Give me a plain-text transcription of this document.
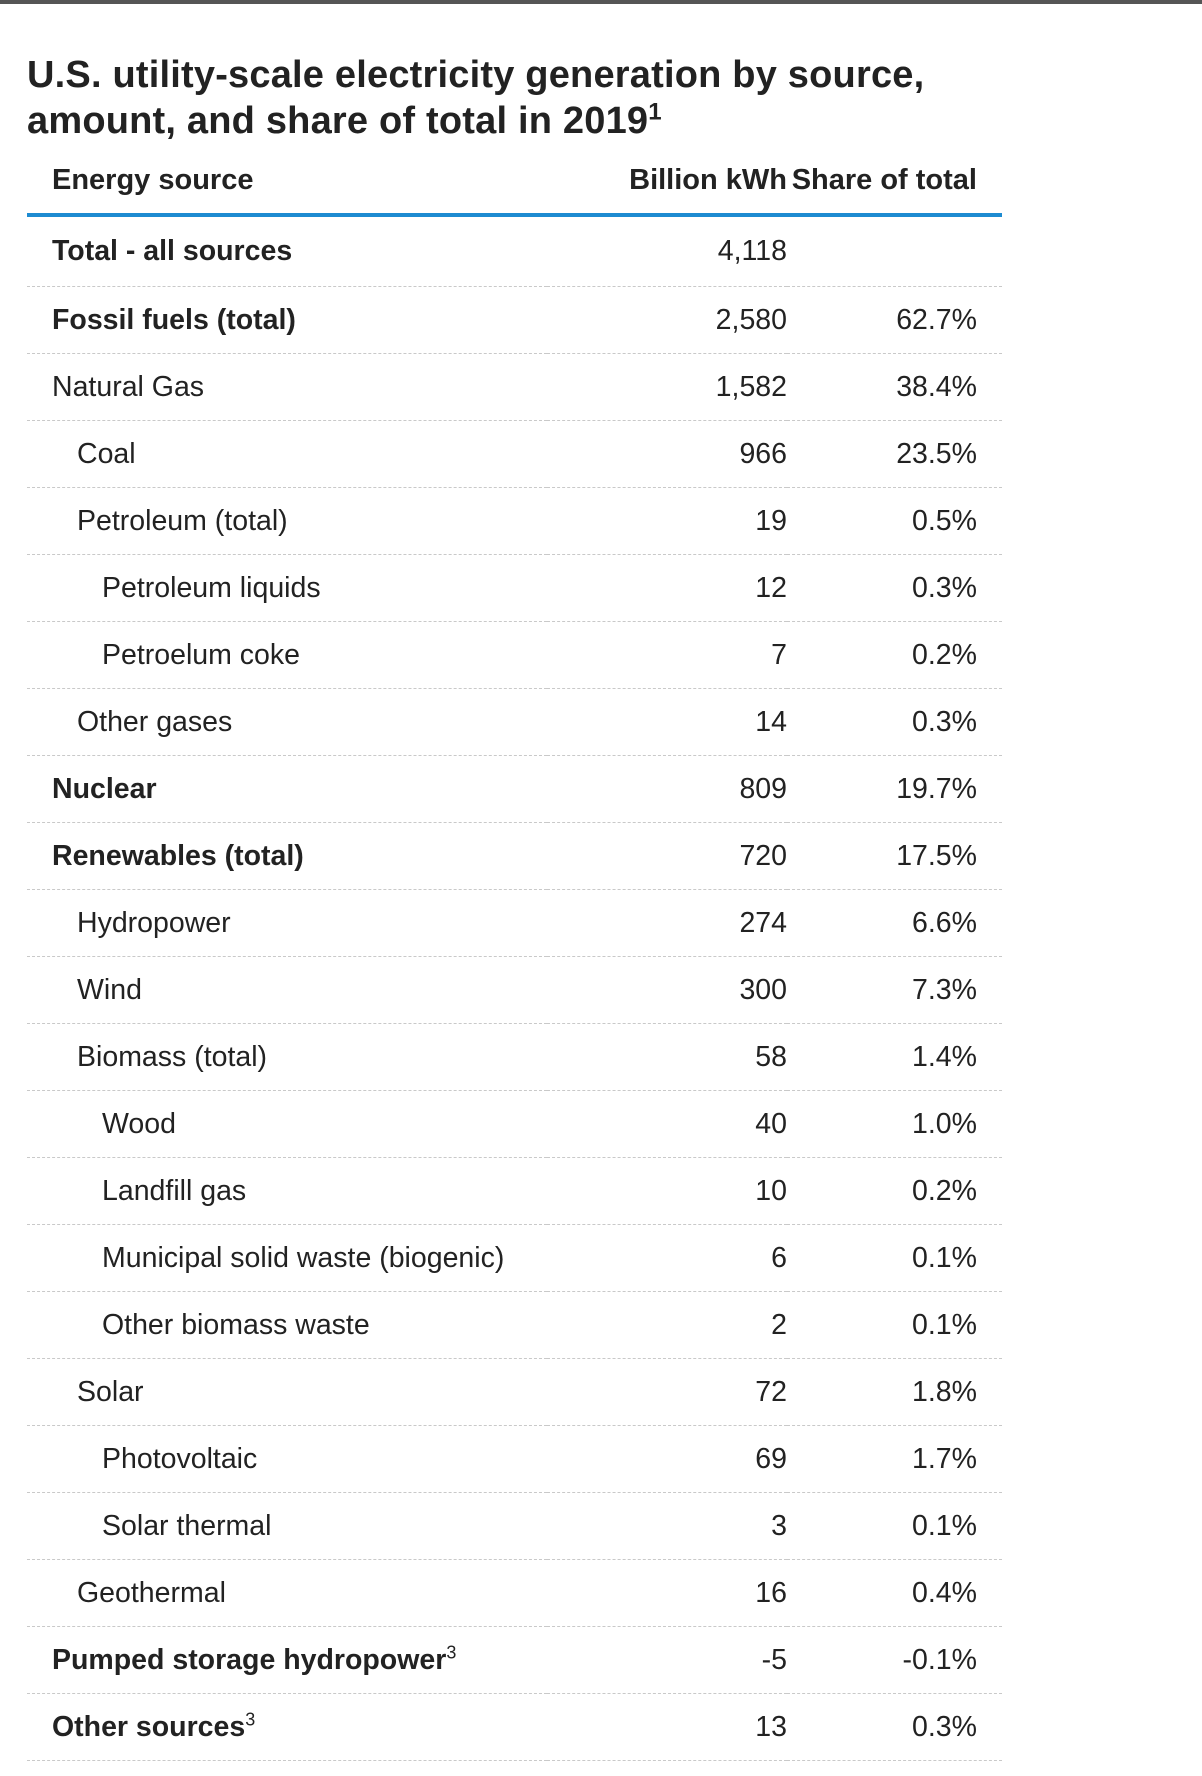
U.S. utility-scale electricity generation by source,
amount, and share of total in 2019$^1$
Energy source	Billion kWh	Share of total
Total - all sources	4,118	
Fossil fuels (total)	2,580	62.7%
Natural Gas	1,582	38.4%
Coal	966	23.5%
Petroleum (total)	19	0.5%
Petroleum liquids	12	0.3%
Petroelum coke	7	0.2%
Other gases	14	0.3%
Nuclear	809	19.7%
Renewables (total)	720	17.5%
Hydropower	274	6.6%
Wind	300	7.3%
Biomass (total)	58	1.4%
Wood	40	1.0%
Landfill gas	10	0.2%
Municipal solid waste (biogenic)	6	0.1%
Other biomass waste	2	0.1%
Solar	72	1.8%
Photovoltaic	69	1.7%
Solar thermal	3	0.1%
Geothermal	16	0.4%
Pumped storage hydropower$^3$	-5	-0.1%
Other sources$^3$	13	0.3%
